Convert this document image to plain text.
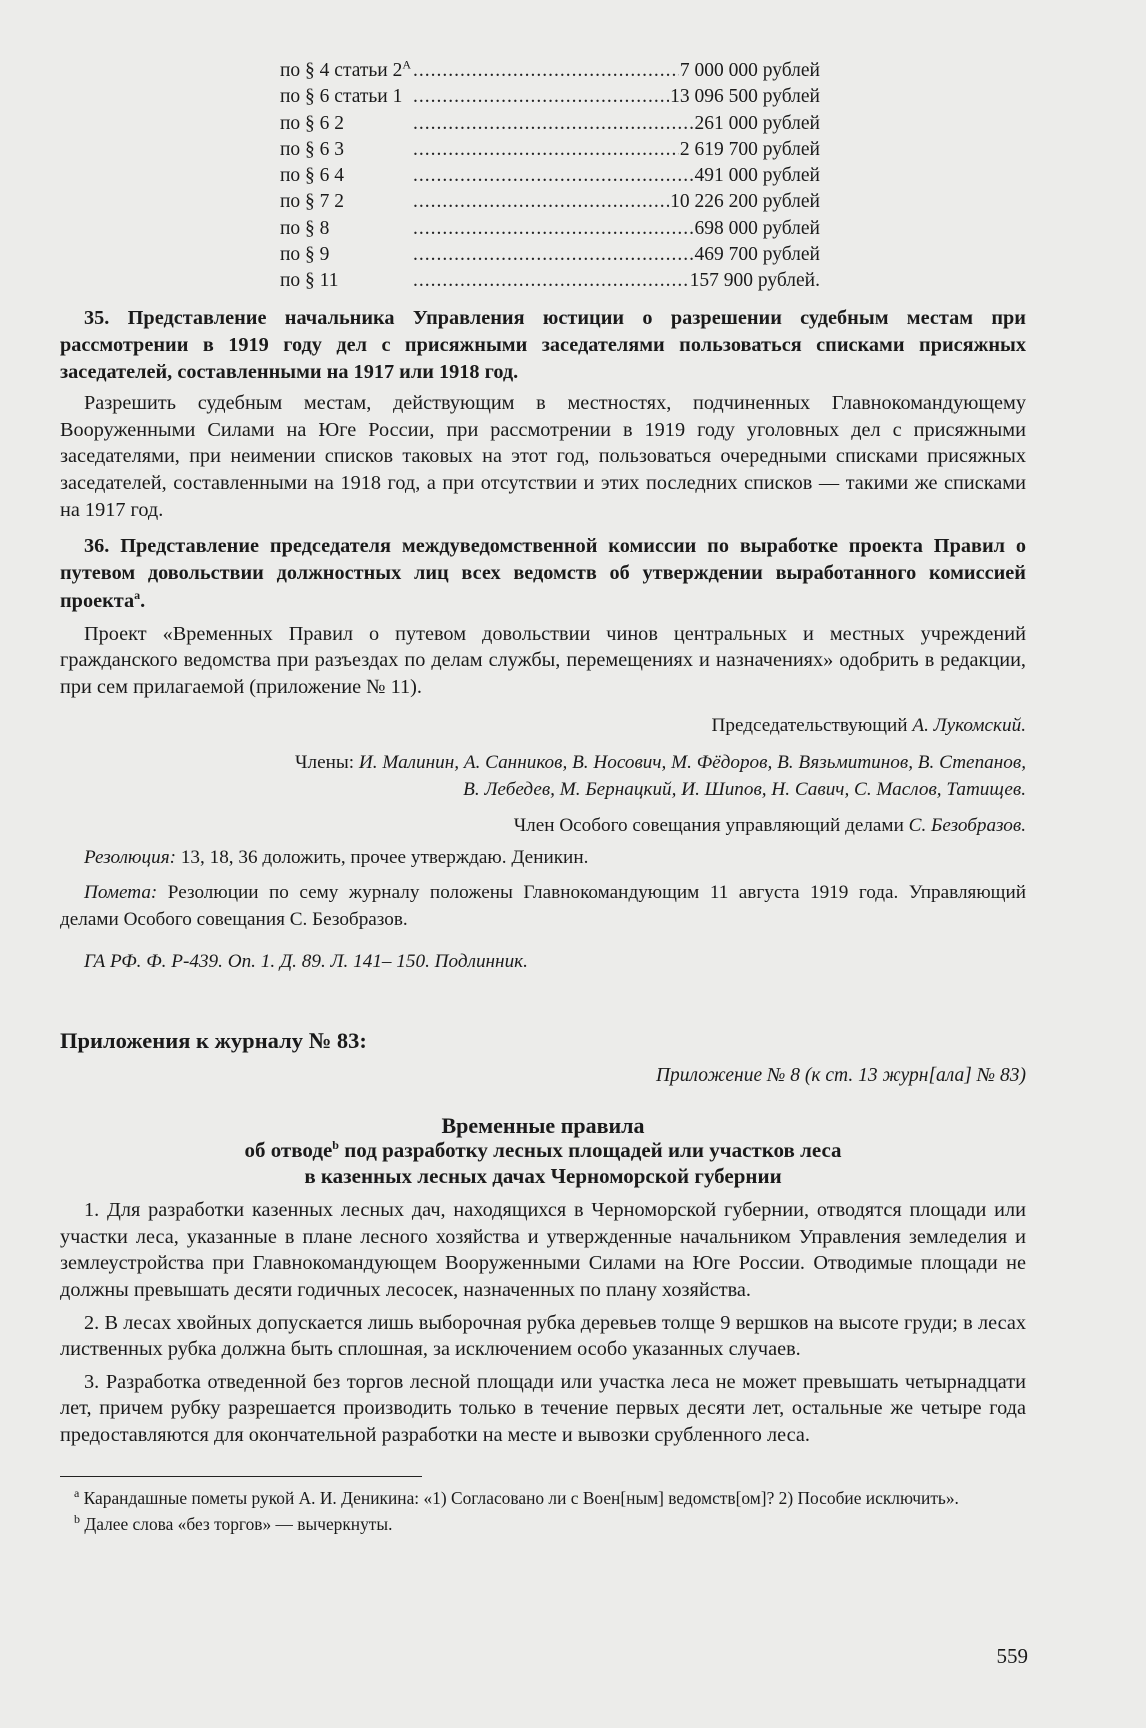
по § 4 статьи $2^А$ .....	7 000 000 рублей
по § 6 статьи 1 .....	13 096 500 рублей
по § 6 2 .....	261 000 рублей
по § 6 3 .....	2 619 700 рублей
по § 6 4 .....	491 000 рублей
по § 7 2 .....	10 226 200 рублей
по § 8 .....	698 000 рублей
по § 9 .....	469 700 рублей
по § 11 .....	157 900 рублей.

35. Представление начальника Управления юстиции о разрешении судебным местам при рассмотрении в 1919 году дел с присяжными заседателями пользоваться списками присяжных заседателей, составленными на 1917 или 1918 год.

Разрешить судебным местам, действующим в местностях, подчиненных Главнокомандующему Вооруженными Силами на Юге России, при рассмотрении в 1919 году уголовных дел с присяжными заседателями, при неимении списков таковых на этот год, пользоваться очередными списками присяжных заседателей, составленными на 1918 год, а при отсутствии и этих последних списков — такими же списками на 1917 год.

36. Представление председателя междуведомственной комиссии по выработке проекта Правил о путевом довольствии должностных лиц всех ведомств об утверждении выработанного комиссией проекта$^а$.

Проект «Временных Правил о путевом довольствии чинов центральных и местных учреждений гражданского ведомства при разъездах по делам службы, перемещениях и назначениях» одобрить в редакции, при сем прилагаемой (приложение № 11).

Председательствующий А. Лукомский.

Члены: И. Малинин, А. Санников, В. Носович, М. Фёдоров, В. Вязьмитинов, В. Степанов,
В. Лебедев, М. Бернацкий, И. Шипов, Н. Савич, С. Маслов, Татищев.

Член Особого совещания управляющий делами С. Безобразов.

Резолюция: 13, 18, 36 доложить, прочее утверждаю. Деникин.

Помета: Резолюции по сему журналу положены Главнокомандующим 11 августа 1919 года. Управляющий делами Особого совещания С. Безобразов.

ГА РФ. Ф. Р-439. Оп. 1. Д. 89. Л. 141– 150. Подлинник.

Приложения к журналу № 83:

Приложение № 8 (к ст. 13 журн[ала] № 83)

Временные правила
об отводе$^b$ под разработку лесных площадей или участков леса
в казенных лесных дачах Черноморской губернии

1. Для разработки казенных лесных дач, находящихся в Черноморской губернии, отводятся площади или участки леса, указанные в плане лесного хозяйства и утвержденные начальником Управления земледелия и землеустройства при Главнокомандующем Вооруженными Силами на Юге России. Отводимые площади не должны превышать десяти годичных лесосек, назначенных по плану хозяйства.

2. В лесах хвойных допускается лишь выборочная рубка деревьев толще 9 вершков на высоте груди; в лесах лиственных рубка должна быть сплошная, за исключением особо указанных случаев.

3. Разработка отведенной без торгов лесной площади или участка леса не может превышать четырнадцати лет, причем рубку разрешается производить только в течение первых десяти лет, остальные же четыре года предоставляются для окончательной разработки на месте и вывозки срубленного леса.

$^a$ Карандашные пометы рукой А. И. Деникина: «1) Согласовано ли с Воен[ным] ведомств[ом]? 2) Пособие исключить».

$^b$ Далее слова «без торгов» — вычеркнуты.

559
